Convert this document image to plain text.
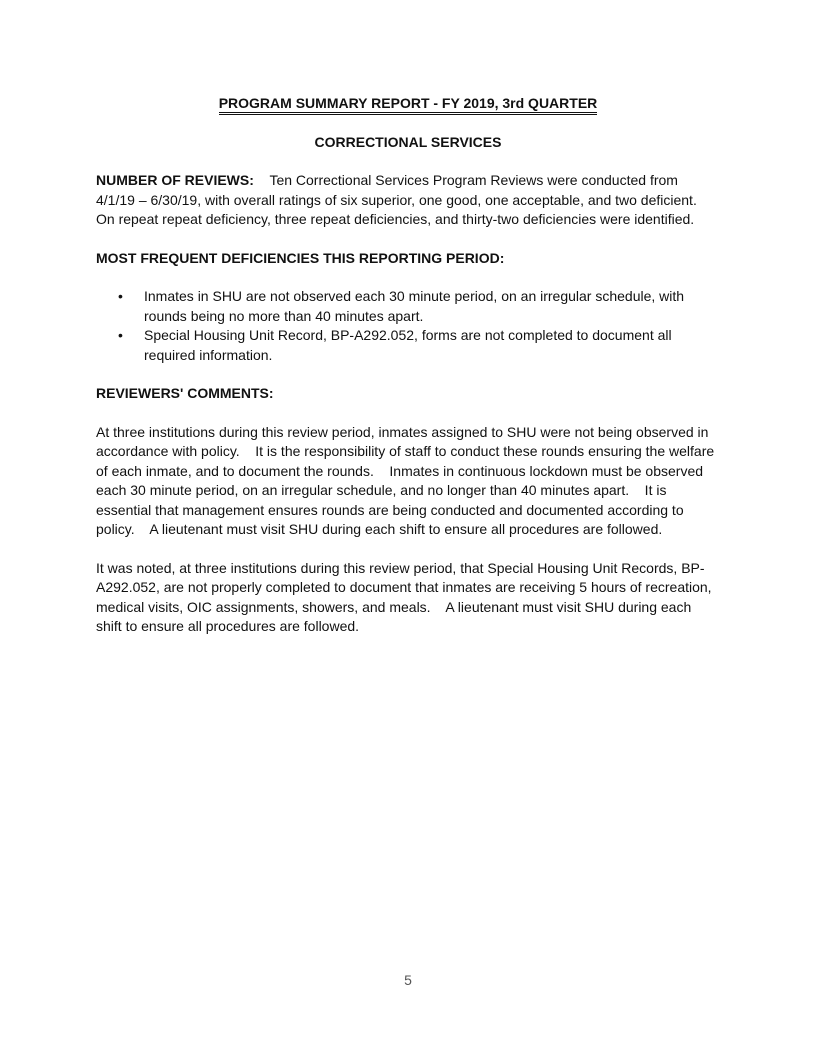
PROGRAM SUMMARY REPORT - FY 2019, 3rd QUARTER

CORRECTIONAL SERVICES

NUMBER OF REVIEWS: Ten Correctional Services Program Reviews were conducted from 4/1/19 – 6/30/19, with overall ratings of six superior, one good, one acceptable, and two deficient.    On repeat repeat deficiency, three repeat deficiencies, and thirty-two deficiencies were identified.

MOST FREQUENT DEFICIENCIES THIS REPORTING PERIOD:

• Inmates in SHU are not observed each 30 minute period, on an irregular schedule, with rounds being no more than 40 minutes apart.
• Special Housing Unit Record, BP-A292.052, forms are not completed to document all required information.

REVIEWERS' COMMENTS:

At three institutions during this review period, inmates assigned to SHU were not being observed in accordance with policy.    It is the responsibility of staff to conduct these rounds ensuring the welfare of each inmate, and to document the rounds.    Inmates in continuous lockdown must be observed each 30 minute period, on an irregular schedule, and no longer than 40 minutes apart.    It is essential that management ensures rounds are being conducted and documented according to policy.    A lieutenant must visit SHU during each shift to ensure all procedures are followed.

It was noted, at three institutions during this review period, that Special Housing Unit Records, BP-A292.052, are not properly completed to document that inmates are receiving 5 hours of recreation, medical visits, OIC assignments, showers, and meals.    A lieutenant must visit SHU during each shift to ensure all procedures are followed.

5
